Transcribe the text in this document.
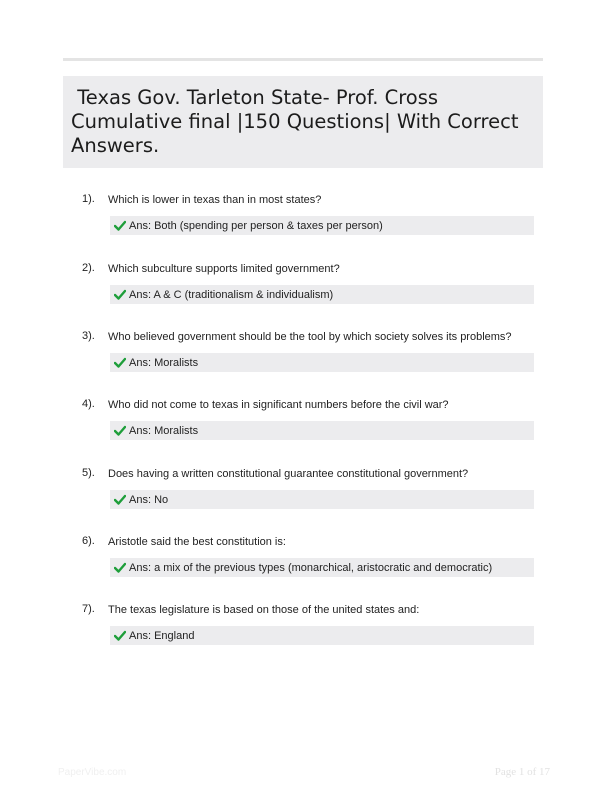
Texas Gov. Tarleton State- Prof. Cross Cumulative final |150 Questions| With Correct Answers.
1). Which is lower in texas than in most states?
Ans: Both (spending per person & taxes per person)
2). Which subculture supports limited government?
Ans: A & C (traditionalism & individualism)
3). Who believed government should be the tool by which society solves its problems?
Ans: Moralists
4). Who did not come to texas in significant numbers before the civil war?
Ans: Moralists
5). Does having a written constitutional guarantee constitutional government?
Ans: No
6). Aristotle said the best constitution is:
Ans: a mix of the previous types (monarchical, aristocratic and democratic)
7). The texas legislature is based on those of the united states and:
Ans: England
PaperVibe.com	Page 1 of 17
